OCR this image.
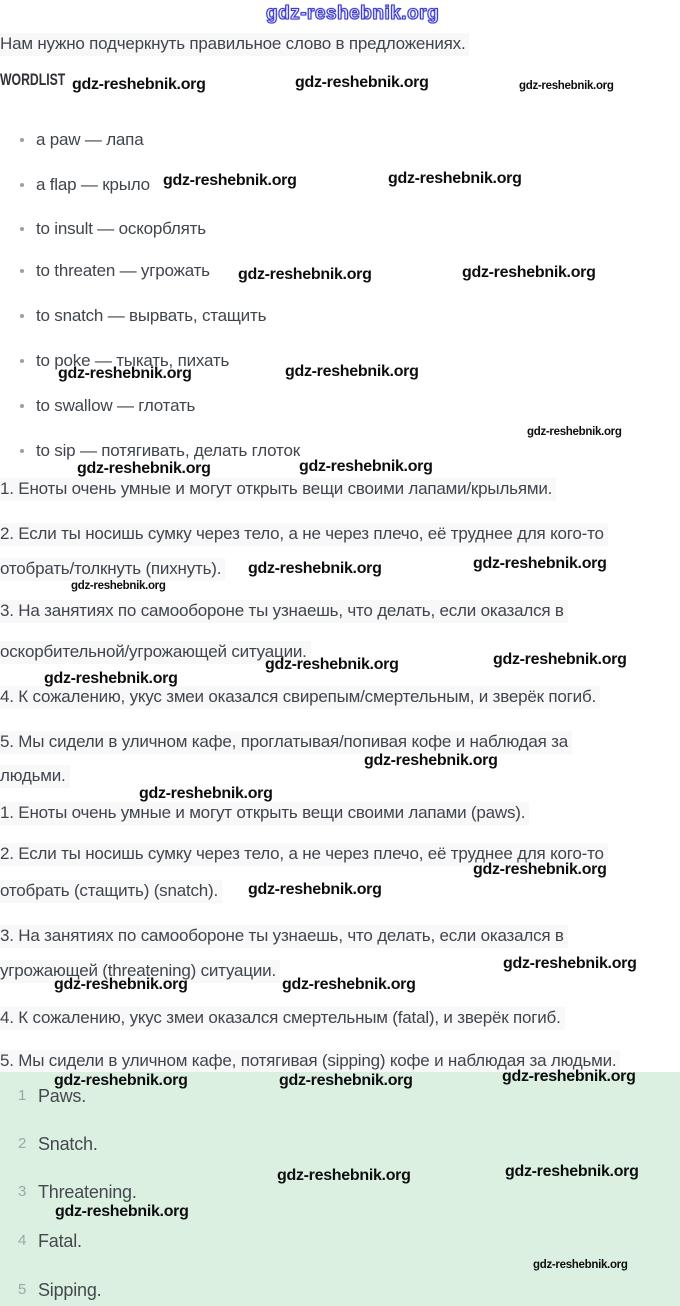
gdz-reshebnik.org
Нам нужно подчеркнуть правильное слово в предложениях.
WORDLIST
a paw — лапа
a flap — крыло
to insult — оскорблять
to threaten — угрожать
to snatch — вырвать, стащить
to poke — тыкать, пихать
to swallow — глотать
to sip — потягивать, делать глоток
1. Еноты очень умные и могут открыть вещи своими лапами/крыльями.
2. Если ты носишь сумку через тело, а не через плечо, её труднее для кого-то
отобрать/толкнуть (пихнуть).
3. На занятиях по самообороне ты узнаешь, что делать, если оказался в
оскорбительной/угрожающей ситуации.
4. К сожалению, укус змеи оказался свирепым/смертельным, и зверёк погиб.
5. Мы сидели в уличном кафе, проглатывая/попивая кофе и наблюдая за
людьми.
1. Еноты очень умные и могут открыть вещи своими лапами (paws).
2. Если ты носишь сумку через тело, а не через плечо, её труднее для кого-то
отобрать (стащить) (snatch).
3. На занятиях по самообороне ты узнаешь, что делать, если оказался в
угрожающей (threatening) ситуации.
4. К сожалению, укус змеи оказался смертельным (fatal), и зверёк погиб.
5. Мы сидели в уличном кафе, потягивая (sipping) кофе и наблюдая за людьми.
1 Paws.
2 Snatch.
3 Threatening.
4 Fatal.
5 Sipping.
gdz-reshebnik.org	gdz-reshebnik.org	gdz-reshebnik.org
gdz-reshebnik.org	gdz-reshebnik.org
gdz-reshebnik.org	gdz-reshebnik.org
gdz-reshebnik.org	gdz-reshebnik.org
gdz-reshebnik.org
gdz-reshebnik.org	gdz-reshebnik.org
gdz-reshebnik.org	gdz-reshebnik.org
gdz-reshebnik.org
gdz-reshebnik.org	gdz-reshebnik.org
gdz-reshebnik.org
gdz-reshebnik.org
gdz-reshebnik.org
gdz-reshebnik.org
gdz-reshebnik.org
gdz-reshebnik.org
gdz-reshebnik.org	gdz-reshebnik.org
gdz-reshebnik.org	gdz-reshebnik.org	gdz-reshebnik.org
gdz-reshebnik.org	gdz-reshebnik.org
gdz-reshebnik.org
gdz-reshebnik.org
